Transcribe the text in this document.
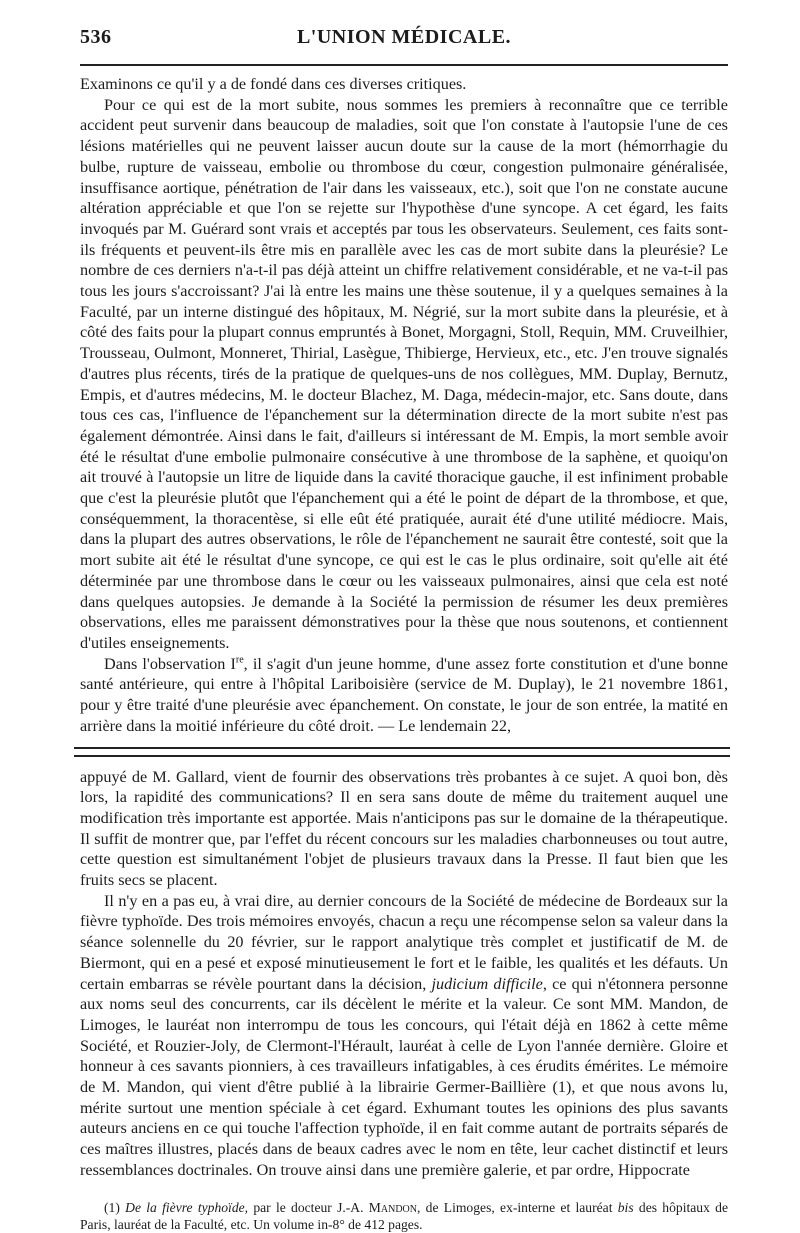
536	L'UNION MÉDICALE.

Examinons ce qu'il y a de fondé dans ces diverses critiques.

Pour ce qui est de la mort subite, nous sommes les premiers à reconnaître que ce terrible accident peut survenir dans beaucoup de maladies, soit que l'on constate à l'autopsie l'une de ces lésions matérielles qui ne peuvent laisser aucun doute sur la cause de la mort (hémorrhagie du bulbe, rupture de vaisseau, embolie ou thrombose du cœur, congestion pulmonaire généralisée, insuffisance aortique, pénétration de l'air dans les vaisseaux, etc.), soit que l'on ne constate aucune altération appréciable et que l'on se rejette sur l'hypothèse d'une syncope. A cet égard, les faits invoqués par M. Guérard sont vrais et acceptés par tous les observateurs. Seulement, ces faits sont-ils fréquents et peuvent-ils être mis en parallèle avec les cas de mort subite dans la pleurésie? Le nombre de ces derniers n'a-t-il pas déjà atteint un chiffre relativement considérable, et ne va-t-il pas tous les jours s'accroissant? J'ai là entre les mains une thèse soutenue, il y a quelques semaines à la Faculté, par un interne distingué des hôpitaux, M. Négrié, sur la mort subite dans la pleurésie, et à côté des faits pour la plupart connus empruntés à Bonet, Morgagni, Stoll, Requin, MM. Cruveilhier, Trousseau, Oulmont, Monneret, Thirial, Lasègue, Thibierge, Hervieux, etc., etc. J'en trouve signalés d'autres plus récents, tirés de la pratique de quelques-uns de nos collègues, MM. Duplay, Bernutz, Empis, et d'autres médecins, M. le docteur Blachez, M. Daga, médecin-major, etc. Sans doute, dans tous ces cas, l'influence de l'épanchement sur la détermination directe de la mort subite n'est pas également démontrée. Ainsi dans le fait, d'ailleurs si intéressant de M. Empis, la mort semble avoir été le résultat d'une embolie pulmonaire consécutive à une thrombose de la saphène, et quoiqu'on ait trouvé à l'autopsie un litre de liquide dans la cavité thoracique gauche, il est infiniment probable que c'est la pleurésie plutôt que l'épanchement qui a été le point de départ de la thrombose, et que, conséquemment, la thoracentèse, si elle eût été pratiquée, aurait été d'une utilité médiocre. Mais, dans la plupart des autres observations, le rôle de l'épanchement ne saurait être contesté, soit que la mort subite ait été le résultat d'une syncope, ce qui est le cas le plus ordinaire, soit qu'elle ait été déterminée par une thrombose dans le cœur ou les vaisseaux pulmonaires, ainsi que cela est noté dans quelques autopsies. Je demande à la Société la permission de résumer les deux premières observations, elles me paraissent démonstratives pour la thèse que nous soutenons, et contiennent d'utiles enseignements.

Dans l'observation Ire, il s'agit d'un jeune homme, d'une assez forte constitution et d'une bonne santé antérieure, qui entre à l'hôpital Lariboisière (service de M. Duplay), le 21 novembre 1861, pour y être traité d'une pleurésie avec épanchement. On constate, le jour de son entrée, la matité en arrière dans la moitié inférieure du côté droit. — Le lendemain 22,

appuyé de M. Gallard, vient de fournir des observations très probantes à ce sujet. A quoi bon, dès lors, la rapidité des communications? Il en sera sans doute de même du traitement auquel une modification très importante est apportée. Mais n'anticipons pas sur le domaine de la thérapeutique. Il suffit de montrer que, par l'effet du récent concours sur les maladies charbonneuses ou tout autre, cette question est simultanément l'objet de plusieurs travaux dans la Presse. Il faut bien que les fruits secs se placent.

Il n'y en a pas eu, à vrai dire, au dernier concours de la Société de médecine de Bordeaux sur la fièvre typhoïde. Des trois mémoires envoyés, chacun a reçu une récompense selon sa valeur dans la séance solennelle du 20 février, sur le rapport analytique très complet et justificatif de M. de Biermont, qui en a pesé et exposé minutieusement le fort et le faible, les qualités et les défauts. Un certain embarras se révèle pourtant dans la décision, judicium difficile, ce qui n'étonnera personne aux noms seul des concurrents, car ils décèlent le mérite et la valeur. Ce sont MM. Mandon, de Limoges, le lauréat non interrompu de tous les concours, qui l'était déjà en 1862 à cette même Société, et Rouzier-Joly, de Clermont-l'Hérault, lauréat à celle de Lyon l'année dernière. Gloire et honneur à ces savants pionniers, à ces travailleurs infatigables, à ces érudits émérites. Le mémoire de M. Mandon, qui vient d'être publié à la librairie Germer-Baillière (1), et que nous avons lu, mérite surtout une mention spéciale à cet égard. Exhumant toutes les opinions des plus savants auteurs anciens en ce qui touche l'affection typhoïde, il en fait comme autant de portraits séparés de ces maîtres illustres, placés dans de beaux cadres avec le nom en tête, leur cachet distinctif et leurs ressemblances doctrinales. On trouve ainsi dans une première galerie, et par ordre, Hippocrate

(1) De la fièvre typhoïde, par le docteur J.-A. Mandon, de Limoges, ex-interne et lauréat bis des hôpitaux de Paris, lauréat de la Faculté, etc. Un volume in-8° de 412 pages.
